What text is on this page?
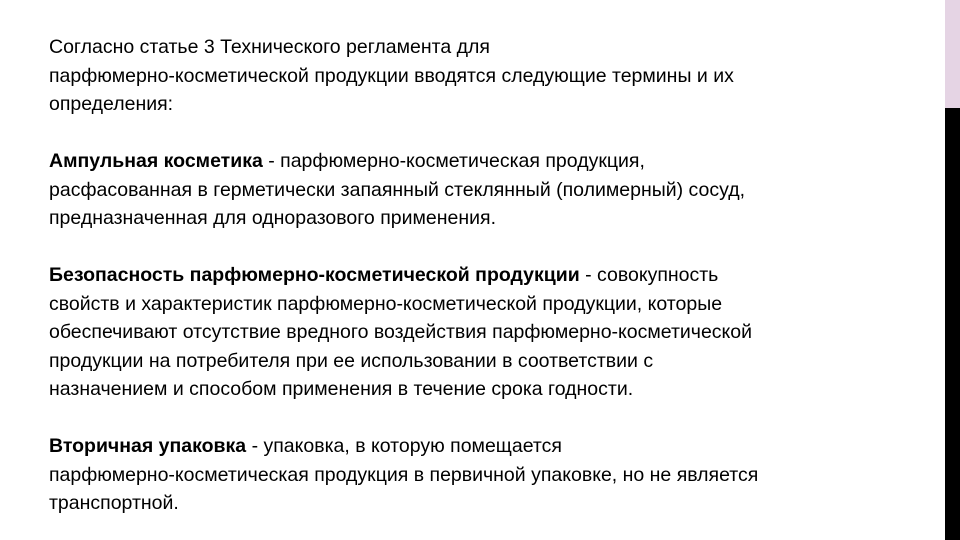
Согласно статье 3 Технического регламента для
парфюмерно-косметической продукции вводятся следующие термины и их
определения:
Ампульная косметика - парфюмерно-косметическая продукция,
расфасованная в герметически запаянный стеклянный (полимерный) сосуд,
предназначенная для одноразового применения.
Безопасность парфюмерно-косметической продукции - совокупность
свойств и характеристик парфюмерно-косметической продукции, которые
обеспечивают отсутствие вредного воздействия парфюмерно-косметической
продукции на потребителя при ее использовании в соответствии с
назначением и способом применения в течение срока годности.
Вторичная упаковка - упаковка, в которую помещается
парфюмерно-косметическая продукция в первичной упаковке, но не является
транспортной.
